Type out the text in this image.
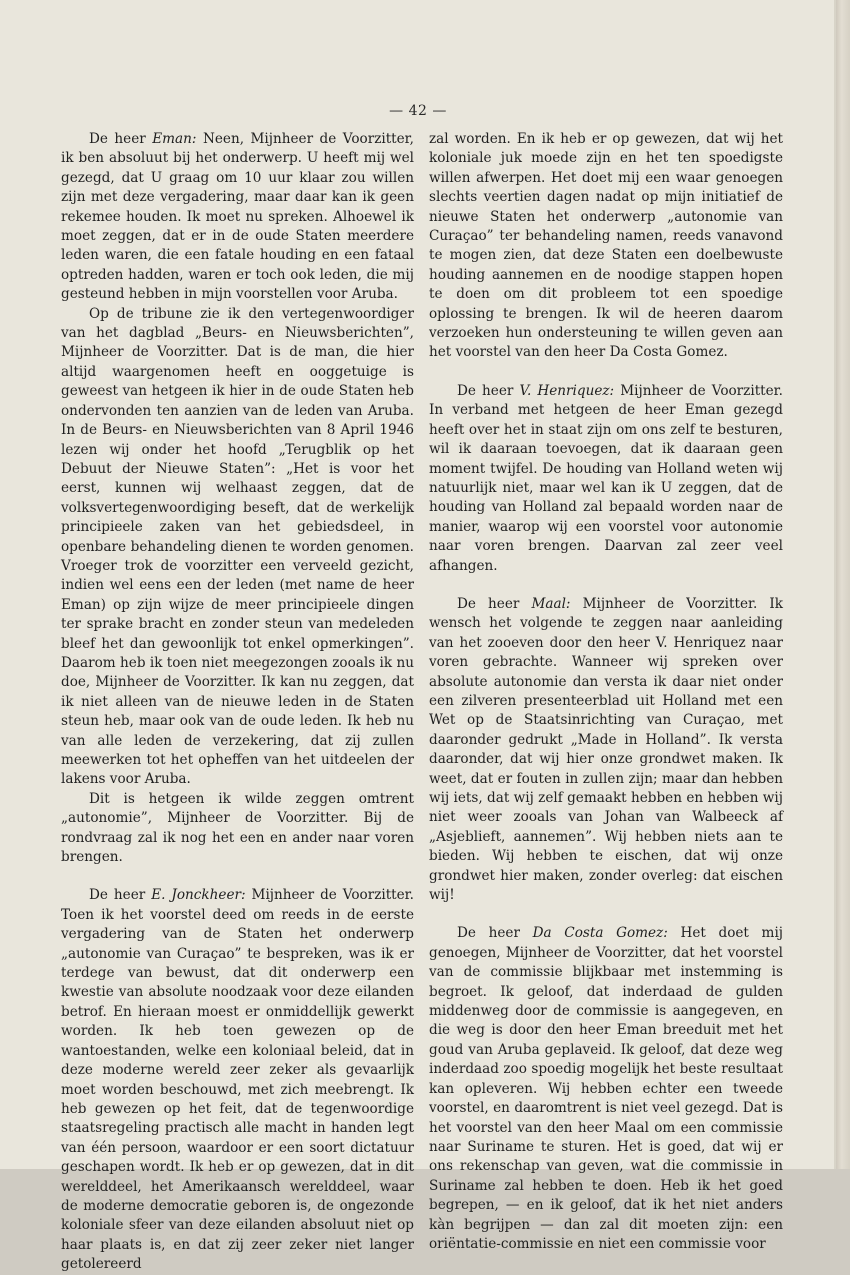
— 42 —

De heer Eman: Neen, Mijnheer de Voorzitter, ik ben absoluut bij het onderwerp. U heeft mij wel gezegd, dat U graag om 10 uur klaar zou willen zijn met deze vergadering, maar daar kan ik geen rekemee houden. Ik moet nu spreken. Alhoewel ik moet zeggen, dat er in de oude Staten meerdere leden waren, die een fatale houding en een fataal optreden hadden, waren er toch ook leden, die mij gesteund hebben in mijn voorstellen voor Aruba.

Op de tribune zie ik den vertegenwoordiger van het dagblad „Beurs- en Nieuwsberichten”, Mijnheer de Voorzitter. Dat is de man, die hier altijd waargenomen heeft en ooggetuige is geweest van hetgeen ik hier in de oude Staten heb ondervonden ten aanzien van de leden van Aruba. In de Beurs- en Nieuwsberichten van 8 April 1946 lezen wij onder het hoofd „Terugblik op het Debuut der Nieuwe Staten”: „Het is voor het eerst, kunnen wij welhaast zeggen, dat de volksvertegenwoordiging beseft, dat de werkelijk principieele zaken van het gebiedsdeel, in openbare behandeling dienen te worden genomen. Vroeger trok de voorzitter een verveeld gezicht, indien wel eens een der leden (met name de heer Eman) op zijn wijze de meer principieele dingen ter sprake bracht en zonder steun van medeleden bleef het dan gewoonlijk tot enkel opmerkingen”. Daarom heb ik toen niet meegezongen zooals ik nu doe, Mijnheer de Voorzitter. Ik kan nu zeggen, dat ik niet alleen van de nieuwe leden in de Staten steun heb, maar ook van de oude leden. Ik heb nu van alle leden de verzekering, dat zij zullen meewerken tot het opheffen van het uitdeelen der lakens voor Aruba.

Dit is hetgeen ik wilde zeggen omtrent „autonomie”, Mijnheer de Voorzitter. Bij de rondvraag zal ik nog het een en ander naar voren brengen.

De heer E. Jonckheer: Mijnheer de Voorzitter. Toen ik het voorstel deed om reeds in de eerste vergadering van de Staten het onderwerp „autonomie van Curaçao” te bespreken, was ik er terdege van bewust, dat dit onderwerp een kwestie van absolute noodzaak voor deze eilanden betrof. En hieraan moest er onmiddellijk gewerkt worden. Ik heb toen gewezen op de wantoestanden, welke een koloniaal beleid, dat in deze moderne wereld zeer zeker als gevaarlijk moet worden beschouwd, met zich meebrengt. Ik heb gewezen op het feit, dat de tegenwoordige staatsregeling practisch alle macht in handen legt van één persoon, waardoor er een soort dictatuur geschapen wordt. Ik heb er op gewezen, dat in dit werelddeel, het Amerikaansch werelddeel, waar de moderne democratie geboren is, de ongezonde koloniale sfeer van deze eilanden absoluut niet op haar plaats is, en dat zij zeer zeker niet langer getolereerd

zal worden. En ik heb er op gewezen, dat wij het koloniale juk moede zijn en het ten spoedigste willen afwerpen. Het doet mij een waar genoegen slechts veertien dagen nadat op mijn initiatief de nieuwe Staten het onderwerp „autonomie van Curaçao” ter behandeling namen, reeds vanavond te mogen zien, dat deze Staten een doelbewuste houding aannemen en de noodige stappen hopen te doen om dit probleem tot een spoedige oplossing te brengen. Ik wil de heeren daarom verzoeken hun ondersteuning te willen geven aan het voorstel van den heer Da Costa Gomez.

De heer V. Henriquez: Mijnheer de Voorzitter. In verband met hetgeen de heer Eman gezegd heeft over het in staat zijn om ons zelf te besturen, wil ik daaraan toevoegen, dat ik daaraan geen moment twijfel. De houding van Holland weten wij natuurlijk niet, maar wel kan ik U zeggen, dat de houding van Holland zal bepaald worden naar de manier, waarop wij een voorstel voor autonomie naar voren brengen. Daarvan zal zeer veel afhangen.

De heer Maal: Mijnheer de Voorzitter. Ik wensch het volgende te zeggen naar aanleiding van het zooeven door den heer V. Henriquez naar voren gebrachte. Wanneer wij spreken over absolute autonomie dan versta ik daar niet onder een zilveren presenteerblad uit Holland met een Wet op de Staatsinrichting van Curaçao, met daaronder gedrukt „Made in Holland”. Ik versta daaronder, dat wij hier onze grondwet maken. Ik weet, dat er fouten in zullen zijn; maar dan hebben wij iets, dat wij zelf gemaakt hebben en hebben wij niet weer zooals van Johan van Walbeeck af „Asjeblieft, aannemen”. Wij hebben niets aan te bieden. Wij hebben te eischen, dat wij onze grondwet hier maken, zonder overleg: dat eischen wij!

De heer Da Costa Gomez: Het doet mij genoegen, Mijnheer de Voorzitter, dat het voorstel van de commissie blijkbaar met instemming is begroet. Ik geloof, dat inderdaad de gulden middenweg door de commissie is aangegeven, en die weg is door den heer Eman breeduit met het goud van Aruba geplaveid. Ik geloof, dat deze weg inderdaad zoo spoedig mogelijk het beste resultaat kan opleveren. Wij hebben echter een tweede voorstel, en daaromtrent is niet veel gezegd. Dat is het voorstel van den heer Maal om een commissie naar Suriname te sturen. Het is goed, dat wij er ons rekenschap van geven, wat die commissie in Suriname zal hebben te doen. Heb ik het goed begrepen, — en ik geloof, dat ik het niet anders kàn begrijpen — dan zal dit moeten zijn: een oriëntatie-commissie en niet een commissie voor
